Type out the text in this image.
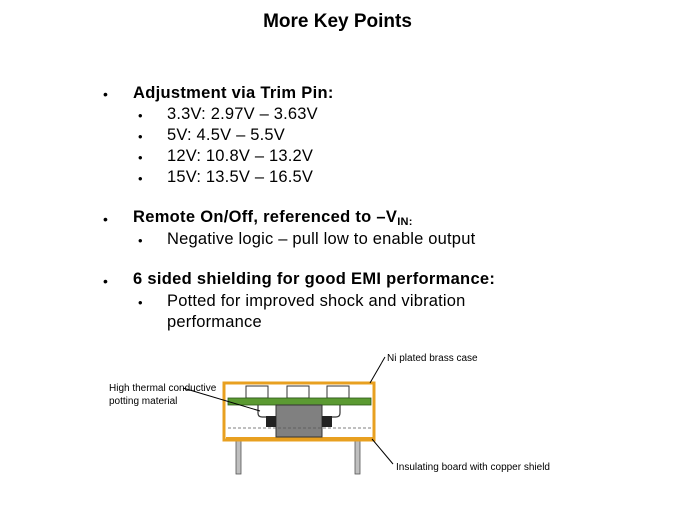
More Key Points
• Adjustment via Trim Pin:
• 3.3V: 2.97V – 3.63V
• 5V: 4.5V – 5.5V
• 12V: 10.8V – 13.2V
• 15V: 13.5V – 16.5V
• Remote On/Off, referenced to $-V_{IN:}$
• Negative logic – pull low to enable output
• 6 sided shielding for good EMI performance:
• Potted for improved shock and vibration
performance
Ni plated brass case
High thermal conductive
potting material
Insulating board with copper shield
